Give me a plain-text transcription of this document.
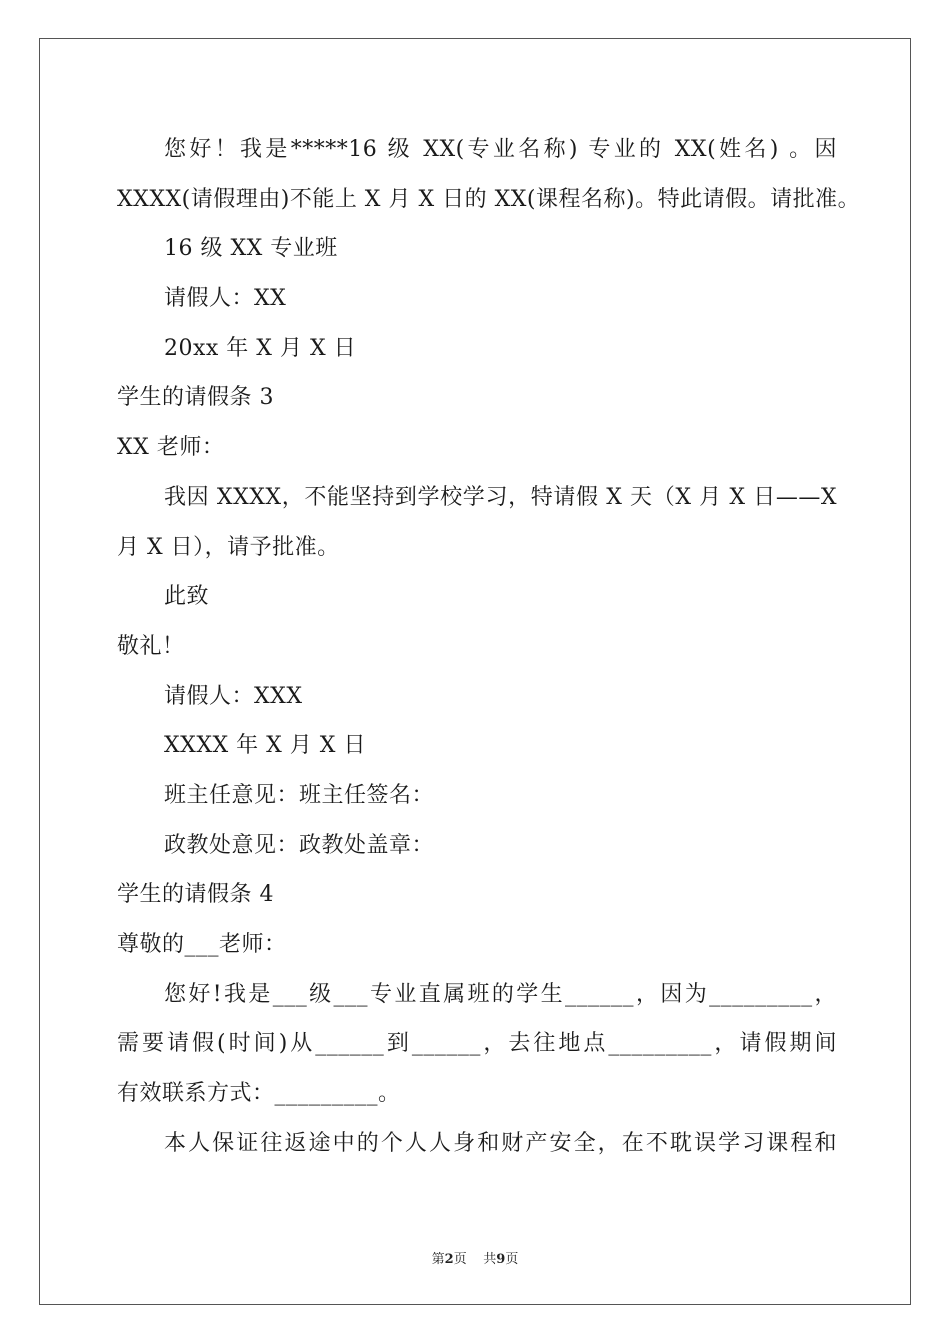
您好！我是*****16 级 XX(专业名称) 专业的 XX(姓名) 。因
XXXX(请假理由)不能上 X 月 X 日的 XX(课程名称)。特此请假。请批准。
16 级 XX 专业班
请假人：XX
20xx 年 X 月 X 日
学生的请假条 3
XX 老师：
我因 XXXX，不能坚持到学校学习，特请假 X 天（X 月 X 日——X
月 X 日），请予批准。
此致
敬礼！
请假人：XXX
XXXX 年 X 月 X 日
班主任意见：班主任签名：
政教处意见：政教处盖章：
学生的请假条 4
尊敬的___老师：
您好!我是___级___专业直属班的学生______，因为_________，
需要请假(时间)从______到______，去往地点_________，请假期间
有效联系方式：_________。
本人保证往返途中的个人人身和财产安全，在不耽误学习课程和
第2页 共9页
